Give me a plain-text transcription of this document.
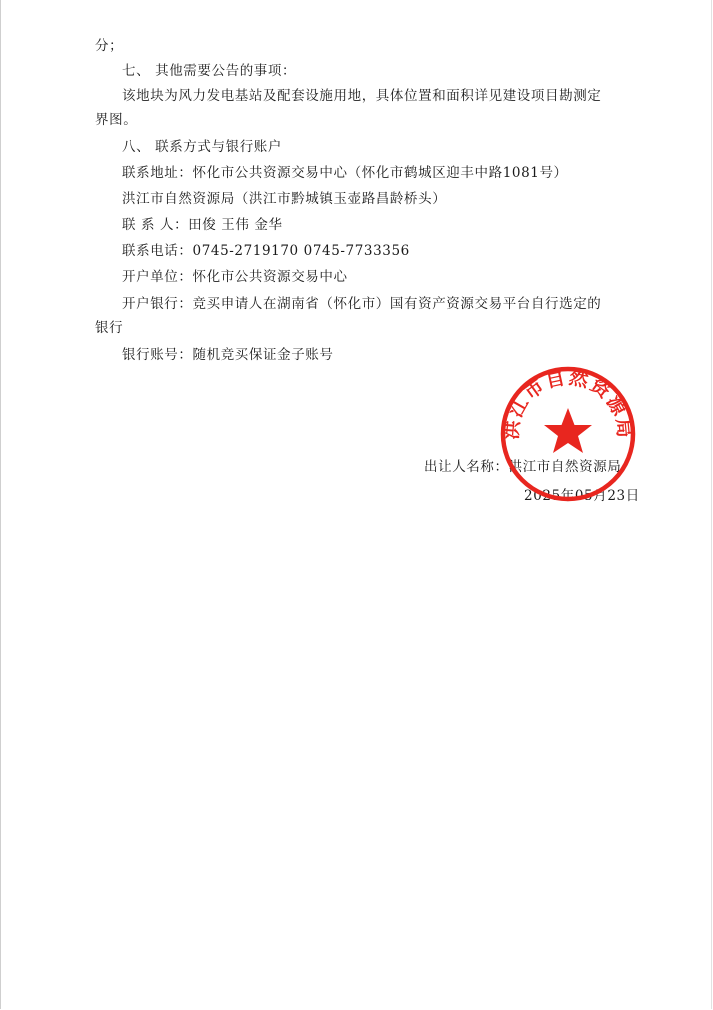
分；
七、 其他需要公告的事项：
该地块为风力发电基站及配套设施用地，具体位置和面积详见建设项目勘测定
界图。
八、 联系方式与银行账户
联系地址：怀化市公共资源交易中心（怀化市鹤城区迎丰中路1081号）
洪江市自然资源局（洪江市黔城镇玉壶路昌龄桥头）
联 系 人：田俊 王伟 金华
联系电话：0745-2719170 0745-7733356
开户单位：怀化市公共资源交易中心
开户银行：竞买申请人在湖南省（怀化市）国有资产资源交易平台自行选定的
银行
银行账号：随机竞买保证金子账号
出让人名称：洪江市自然资源局
2025年05月23日
洪江市自然资源局
